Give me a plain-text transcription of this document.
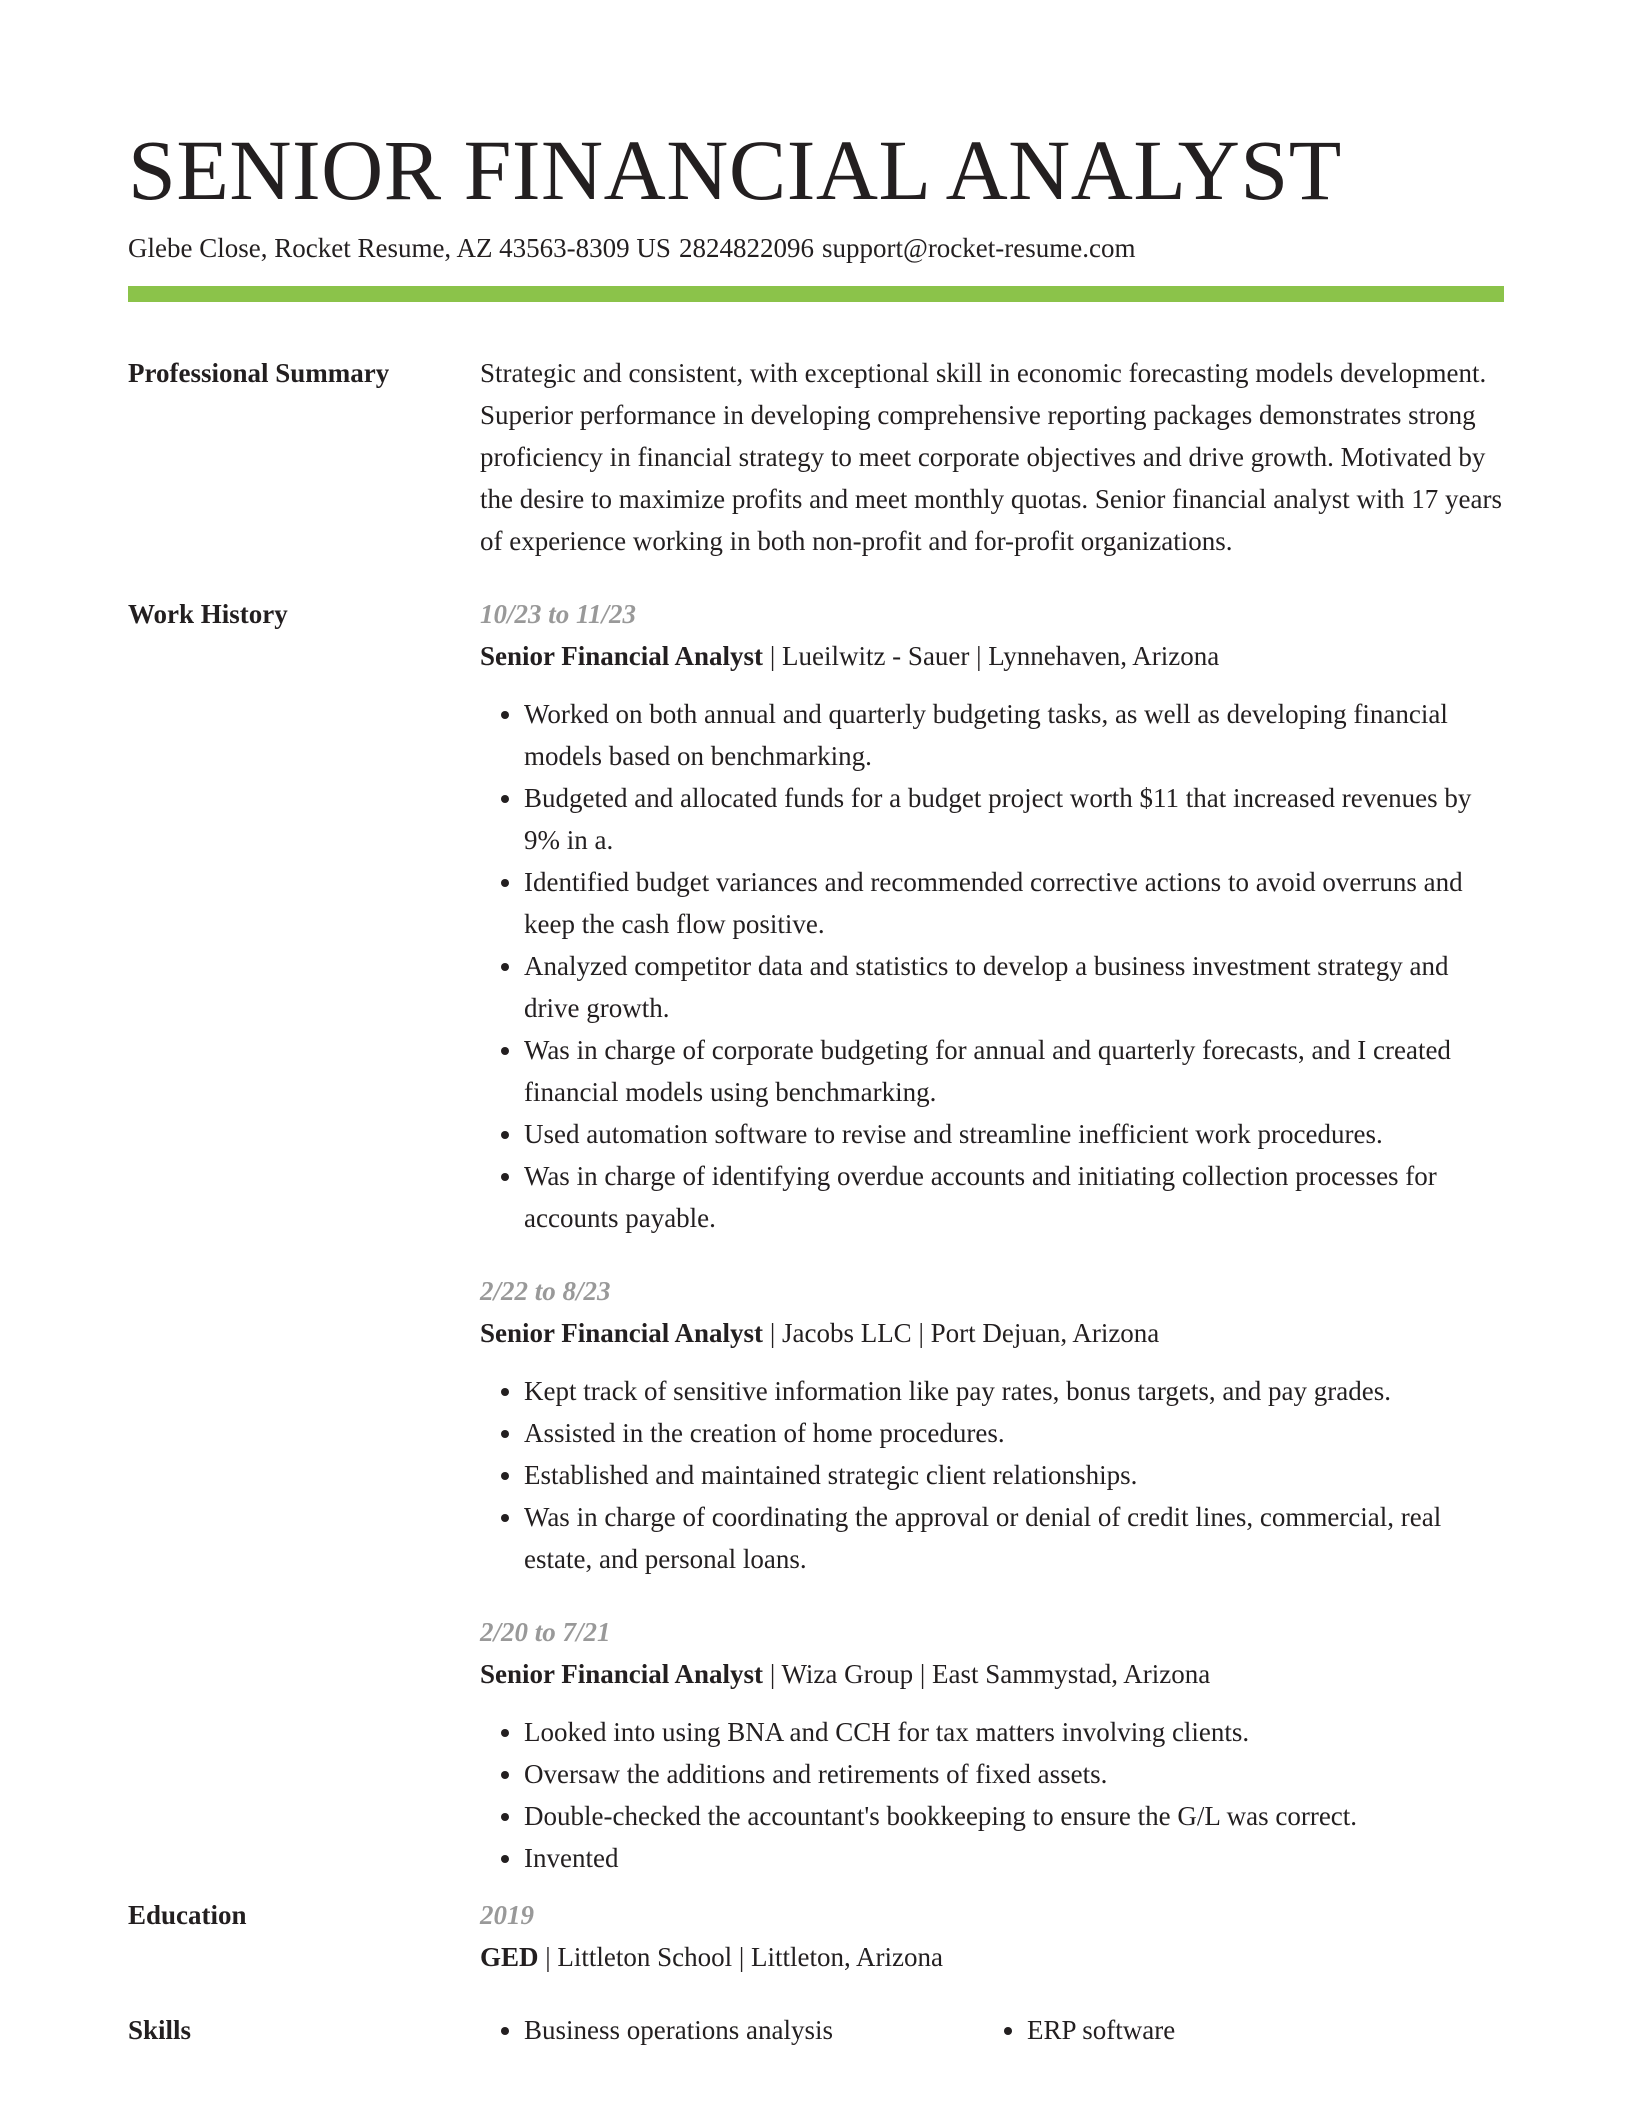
SENIOR FINANCIAL ANALYST
Glebe Close, Rocket Resume, AZ 43563-8309 US 2824822096 support@rocket-resume.com
Professional Summary	Strategic and consistent, with exceptional skill in economic forecasting models development. Superior performance in developing comprehensive reporting packages demonstrates strong proficiency in financial strategy to meet corporate objectives and drive growth. Motivated by the desire to maximize profits and meet monthly quotas. Senior financial analyst with 17 years of experience working in both non-profit and for-profit organizations.
Work History	10/23 to 11/23
Senior Financial Analyst | Lueilwitz - Sauer | Lynnehaven, Arizona
• Worked on both annual and quarterly budgeting tasks, as well as developing financial models based on benchmarking.
• Budgeted and allocated funds for a budget project worth $11 that increased revenues by 9% in a.
• Identified budget variances and recommended corrective actions to avoid overruns and keep the cash flow positive.
• Analyzed competitor data and statistics to develop a business investment strategy and drive growth.
• Was in charge of corporate budgeting for annual and quarterly forecasts, and I created financial models using benchmarking.
• Used automation software to revise and streamline inefficient work procedures.
• Was in charge of identifying overdue accounts and initiating collection processes for accounts payable.
2/22 to 8/23
Senior Financial Analyst | Jacobs LLC | Port Dejuan, Arizona
• Kept track of sensitive information like pay rates, bonus targets, and pay grades.
• Assisted in the creation of home procedures.
• Established and maintained strategic client relationships.
• Was in charge of coordinating the approval or denial of credit lines, commercial, real estate, and personal loans.
2/20 to 7/21
Senior Financial Analyst | Wiza Group | East Sammystad, Arizona
• Looked into using BNA and CCH for tax matters involving clients.
• Oversaw the additions and retirements of fixed assets.
• Double-checked the accountant's bookkeeping to ensure the G/L was correct.
• Invented
Education	2019
GED | Littleton School | Littleton, Arizona
Skills	• Business operations analysis	• ERP software
